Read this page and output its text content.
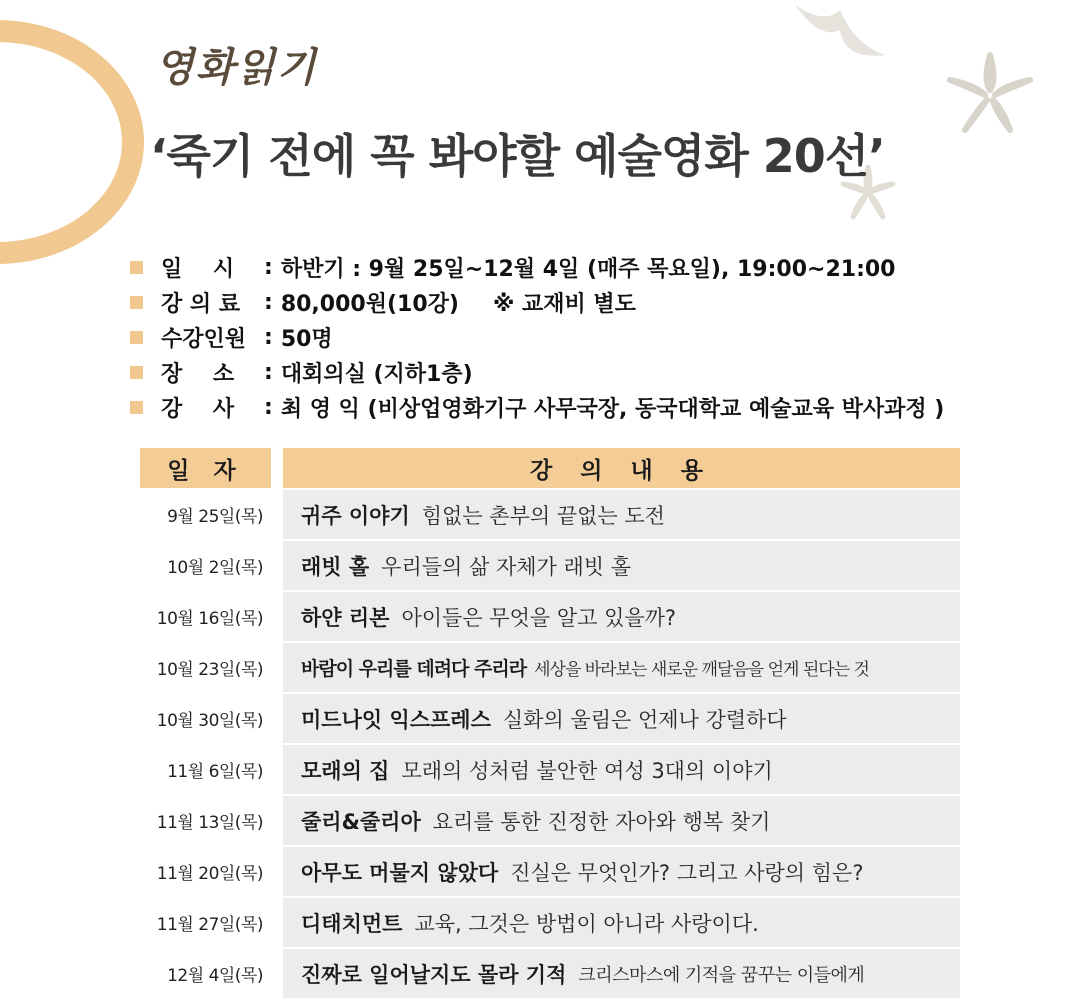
영화읽기
‘죽기 전에 꼭 봐야할 예술영화 20선’
일    시	: 하반기 : 9월 25일~12월 4일 (매주 목요일), 19:00~21:00
강 의 료	: 80,000원(10강) ※ 교재비 별도
수강인원 : 50명
장    소	: 대회의실 (지하1층)
강    사	: 최 영 익 (비상업영화기구 사무국장, 동국대학교 예술교육 박사과정 )
일 자	강 의 내 용
9월 25일(목)	귀주 이야기 힘없는 촌부의 끝없는 도전
10월 2일(목)	래빗 홀 우리들의 삶 자체가 래빗 홀
10월 16일(목)	하얀 리본 아이들은 무엇을 알고 있을까?
10월 23일(목)	바람이 우리를 데려다 주리라 세상을 바라보는 새로운 깨달음을 얻게 된다는 것
10월 30일(목)	미드나잇 익스프레스 실화의 울림은 언제나 강렬하다
11월 6일(목)	모래의 집 모래의 성처럼 불안한 여성 3대의 이야기
11월 13일(목)	줄리&줄리아 요리를 통한 진정한 자아와 행복 찾기
11월 20일(목)	아무도 머물지 않았다 진실은 무엇인가? 그리고 사랑의 힘은?
11월 27일(목)	디태치먼트 교육, 그것은 방법이 아니라 사랑이다.
12월 4일(목)	진짜로 일어날지도 몰라 기적 크리스마스에 기적을 꿈꾸는 이들에게
